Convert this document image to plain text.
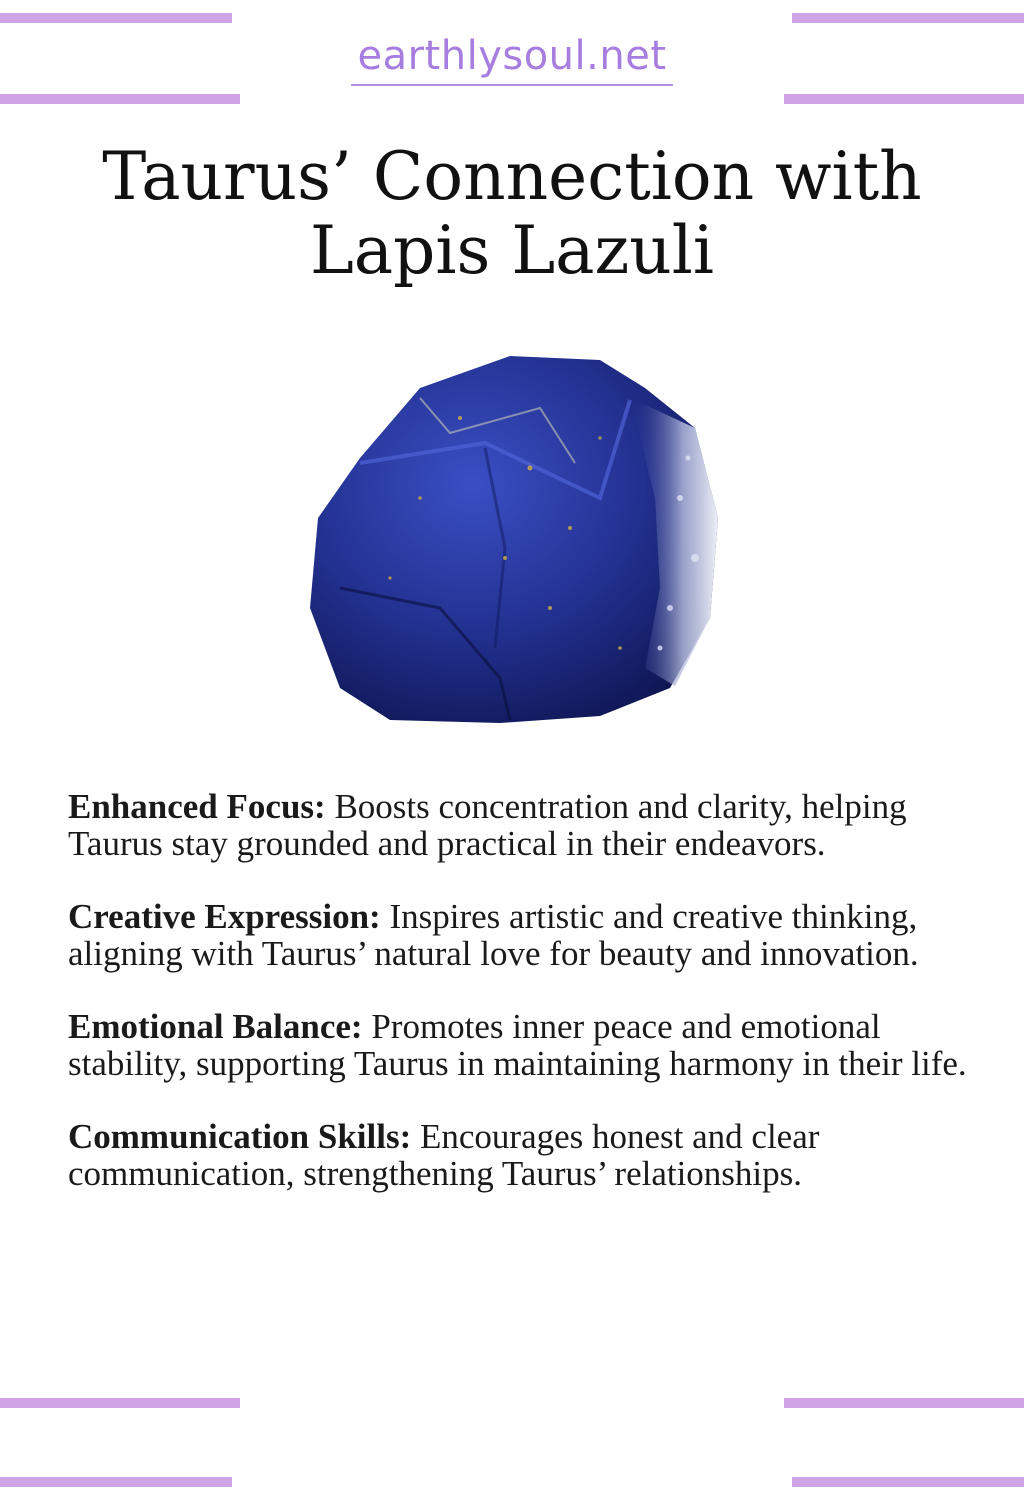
earthlysoul.net
Taurus’ Connection with
Lapis Lazuli

Enhanced Focus: Boosts concentration and clarity, helping Taurus stay grounded and practical in their endeavors.

Creative Expression: Inspires artistic and creative thinking, aligning with Taurus’ natural love for beauty and innovation.

Emotional Balance: Promotes inner peace and emotional stability, supporting Taurus in maintaining harmony in their life.

Communication Skills: Encourages honest and clear communication, strengthening Taurus’ relationships.
